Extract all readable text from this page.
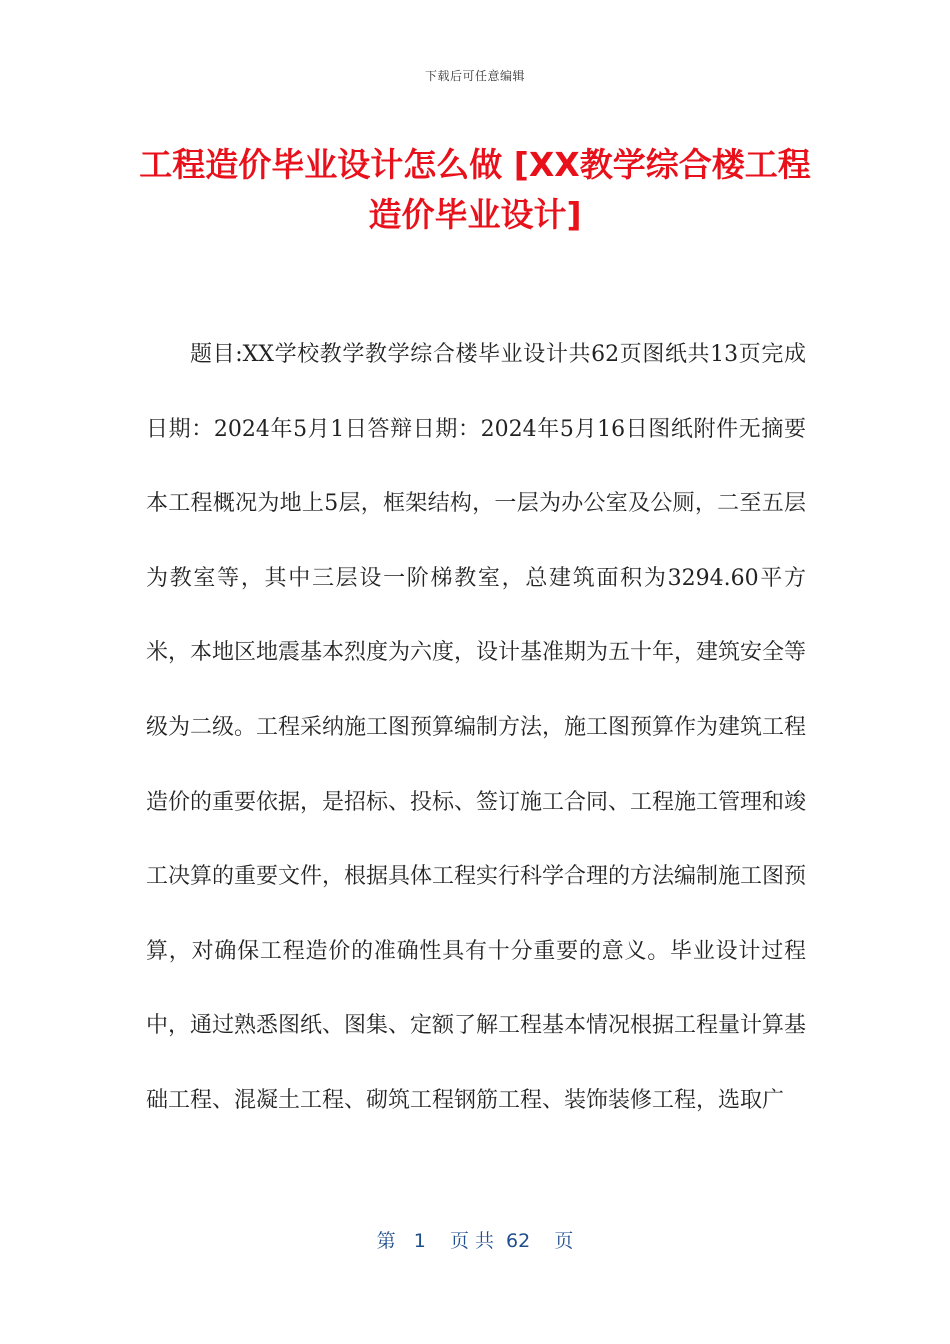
下载后可任意编辑
工程造价毕业设计怎么做 [XX教学综合楼工程造价毕业设计]

题目:XX学校教学教学综合楼毕业设计共62页图纸共13页完成日期：2024年5月1日答辩日期：2024年5月16日图纸附件无摘要本工程概况为地上5层，框架结构，一层为办公室及公厕，二至五层为教室等，其中三层设一阶梯教室，总建筑面积为3294.60平方米，本地区地震基本烈度为六度，设计基准期为五十年，建筑安全等级为二级。工程采纳施工图预算编制方法，施工图预算作为建筑工程造价的重要依据，是招标、投标、签订施工合同、工程施工管理和竣工决算的重要文件，根据具体工程实行科学合理的方法编制施工图预算，对确保工程造价的准确性具有十分重要的意义。毕业设计过程中，通过熟悉图纸、图集、定额了解工程基本情况根据工程量计算基础工程、混凝土工程、砌筑工程钢筋工程、装饰装修工程，选取广

第   1    页 共  62    页
